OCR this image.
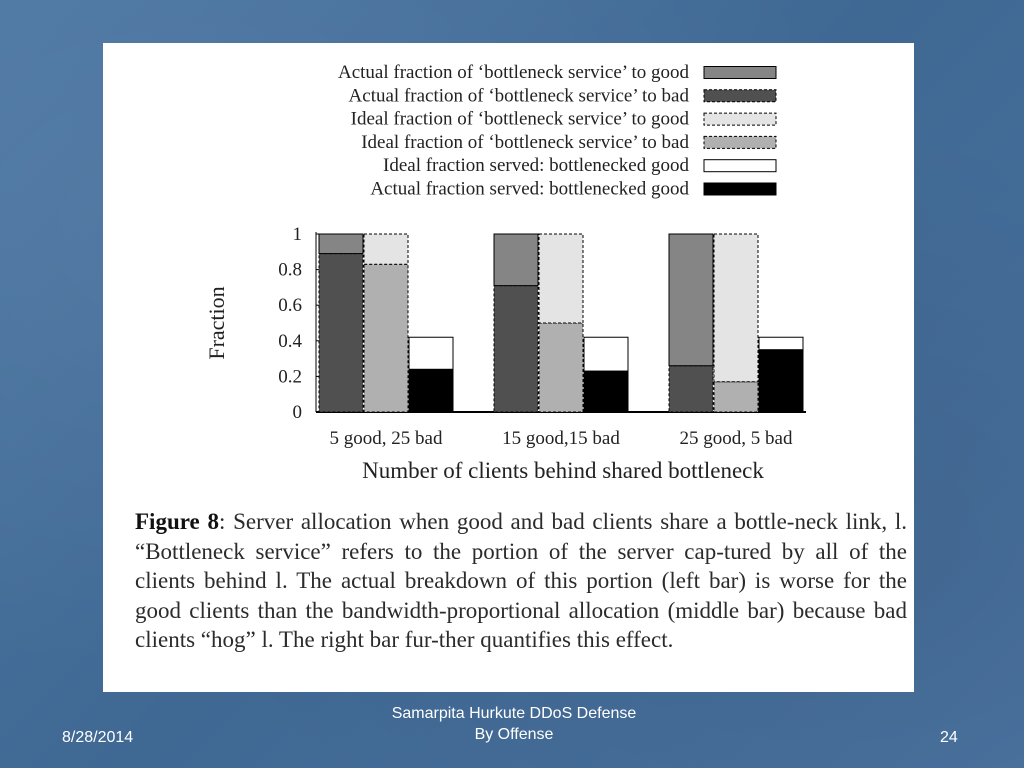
Actual fraction of ‘bottleneck service’ to good
Actual fraction of ‘bottleneck service’ to bad
Ideal fraction of ‘bottleneck service’ to good
Ideal fraction of ‘bottleneck service’ to bad
Ideal fraction served: bottlenecked good
Actual fraction served: bottlenecked good
0
0.2
0.4
0.6
0.8
1
Fraction
Number of clients behind shared bottleneck
5 good, 25 bad	15 good,15 bad	25 good, 5 bad

Figure 8: Server allocation when good and bad clients share a bottle-neck link, l. “Bottleneck service” refers to the portion of the server cap-tured by all of the clients behind l. The actual breakdown of this portion (left bar) is worse for the good clients than the bandwidth-proportional allocation (middle bar) because bad clients “hog” l. The right bar fur-ther quantifies this effect.

8/28/2014
Samarpita Hurkute DDoS Defense
By Offense	24
